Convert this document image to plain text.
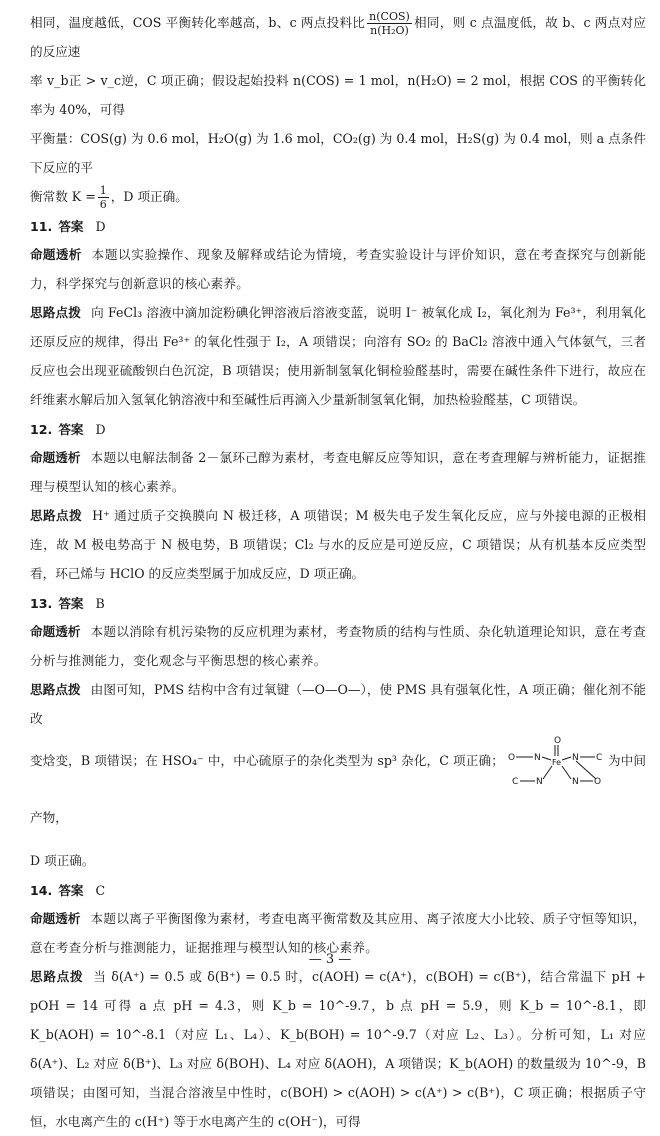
相同，温度越低，COS 平衡转化率越高，b、c 两点投料比 $\frac{\text{n(COS)}}{\text{n(H₂O)}}$ 相同，则 c 点温度低，故 b、c 两点对应的反应速

率 v_b正 > v_c逆，C 项正确；假设起始投料 n(COS) = 1 mol，n(H₂O) = 2 mol，根据 COS 的平衡转化率为 40%，可得

平衡量：COS(g) 为 0.6 mol，H₂O(g) 为 1.6 mol，CO₂(g) 为 0.4 mol，H₂S(g) 为 0.4 mol，则 a 点条件下反应的平

衡常数 $K = \frac{1}{6}$ ，D 项正确。

11. 答案 D

命题透析 本题以实验操作、现象及解释或结论为情境，考查实验设计与评价知识，意在考查探究与创新能力，科学探究与创新意识的核心素养。

思路点拨 向 FeCl₃ 溶液中滴加淀粉碘化钾溶液后溶液变蓝，说明 I⁻ 被氧化成 I₂，氧化剂为 Fe³⁺，利用氧化还原反应的规律，得出 Fe³⁺ 的氧化性强于 I₂，A 项错误；向溶有 SO₂ 的 BaCl₂ 溶液中通入气体氨气，三者反应也会出现亚硫酸钡白色沉淀，B 项错误；使用新制氢氧化铜检验醛基时，需要在碱性条件下进行，故应在纤维素水解后加入氢氧化钠溶液中和至碱性后再滴入少量新制氢氧化铜，加热检验醛基，C 项错误。

12. 答案 D

命题透析 本题以电解法制备 2－氯环己醇为素材，考查电解反应等知识，意在考查理解与辨析能力，证据推理与模型认知的核心素养。

思路点拨 H⁺ 通过质子交换膜向 N 极迁移，A 项错误；M 极失电子发生氧化反应，应与外接电源的正极相连，故 M 极电势高于 N 极电势，B 项错误；Cl₂ 与水的反应是可逆反应，C 项错误；从有机基本反应类型看，环己烯与 HClO 的反应类型属于加成反应，D 项正确。

13. 答案 B

命题透析 本题以消除有机污染物的反应机理为素材，考查物质的结构与性质、杂化轨道理论知识，意在考查分析与推测能力，变化观念与平衡思想的核心素养。

思路点拨 由图可知，PMS 结构中含有过氧键（—O—O—），使 PMS 具有强氧化性，A 项正确；催化剂不能改

变焓变，B 项错误；在 HSO₄⁻ 中，中心硫原子的杂化类型为 sp³ 杂化，C 项正确；
O
Fe
O N	N C
C N	N O
为中间产物，

D 项正确。

14. 答案 C

命题透析 本题以离子平衡图像为素材，考查电离平衡常数及其应用、离子浓度大小比较、质子守恒等知识，意在考查分析与推测能力，证据推理与模型认知的核心素养。

思路点拨 当 δ(A⁺) = 0.5 或 δ(B⁺) = 0.5 时，c(AOH) = c(A⁺)，c(BOH) = c(B⁺)，结合常温下 pH + pOH = 14 可得 a 点 pH = 4.3，则 K_b = 10^-9.7，b 点 pH = 5.9，则 K_b = 10^-8.1，即 K_b(AOH) = 10^-8.1（对应 L₁、L₄）、K_b(BOH) = 10^-9.7（对应 L₂、L₃）。分析可知，L₁ 对应 δ(A⁺)、L₂ 对应 δ(B⁺)、L₃ 对应 δ(BOH)、L₄ 对应 δ(AOH)，A 项错误；K_b(AOH) 的数量级为 10^-9，B 项错误；由图可知，当混合溶液呈中性时，c(BOH) > c(AOH) > c(A⁺) > c(B⁺)，C 项正确；根据质子守恒，水电离产生的 c(H⁺) 等于水电离产生的 c(OH⁻)，可得

— 3 —
